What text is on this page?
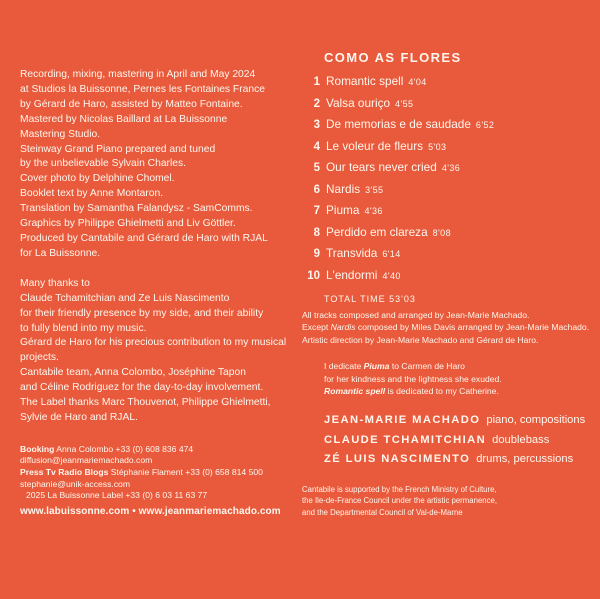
Recording, mixing, mastering in April and May 2024
at Studios la Buissonne, Pernes les Fontaines France
by Gérard de Haro, assisted by Matteo Fontaine.
Mastered by Nicolas Baillard at La Buissonne
Mastering Studio.
Steinway Grand Piano prepared and tuned
by the unbelievable Sylvain Charles.
Cover photo by Delphine Chomel.
Booklet text by Anne Montaron.
Translation by Samantha Falandysz - SamComms.
Graphics by Philippe Ghielmetti and Liv Göttler.
Produced by Cantabile and Gérard de Haro with RJAL
for La Buissonne.

Many thanks to
Claude Tchamitchian and Ze Luis Nascimento
for their friendly presence by my side, and their ability
to fully blend into my music.
Gérard de Haro for his precious contribution to my musical
projects.
Cantabile team, Anna Colombo, Joséphine Tapon
and Céline Rodriguez for the day-to-day involvement.
The Label thanks Marc Thouvenot, Philippe Ghielmetti,
Sylvie de Haro and RJAL.

Booking Anna Colombo +33 (0) 608 836 474
diffusion@jeanmariemachado.com
Press Tv Radio Blogs Stéphanie Flament +33 (0) 658 814 500
stephanie@unik-access.com
2025 La Buissonne Label +33 (0) 6 03 11 63 77
www.labuissonne.com • www.jeanmariemachado.com
COMO AS FLORES
1 Romantic spell 4'04
2 Valsa ouriço 4'55
3 De memorias e de saudade 6'52
4 Le voleur de fleurs 5'03
5 Our tears never cried 4'36
6 Nardis 3'55
7 Piuma 4'36
8 Perdido em clareza 8'08
9 Transvida 6'14
10 L'endormi 4'40
TOTAL TIME 53'03
All tracks composed and arranged by Jean-Marie Machado.
Except Nardis composed by Miles Davis arranged by Jean-Marie Machado.
Artistic direction by Jean-Marie Machado and Gérard de Haro.
I dedicate Piuma to Carmen de Haro
for her kindness and the lightness she exuded.
Romantic spell is dedicated to my Catherine.
JEAN-MARIE MACHADO piano, compositions
CLAUDE TCHAMITCHIAN doublebass
ZÉ LUIS NASCIMENTO drums, percussions
Cantabile is supported by the French Ministry of Culture,
the Ile-de-France Council under the artistic permanence,
and the Departmental Council of Val-de-Marne
